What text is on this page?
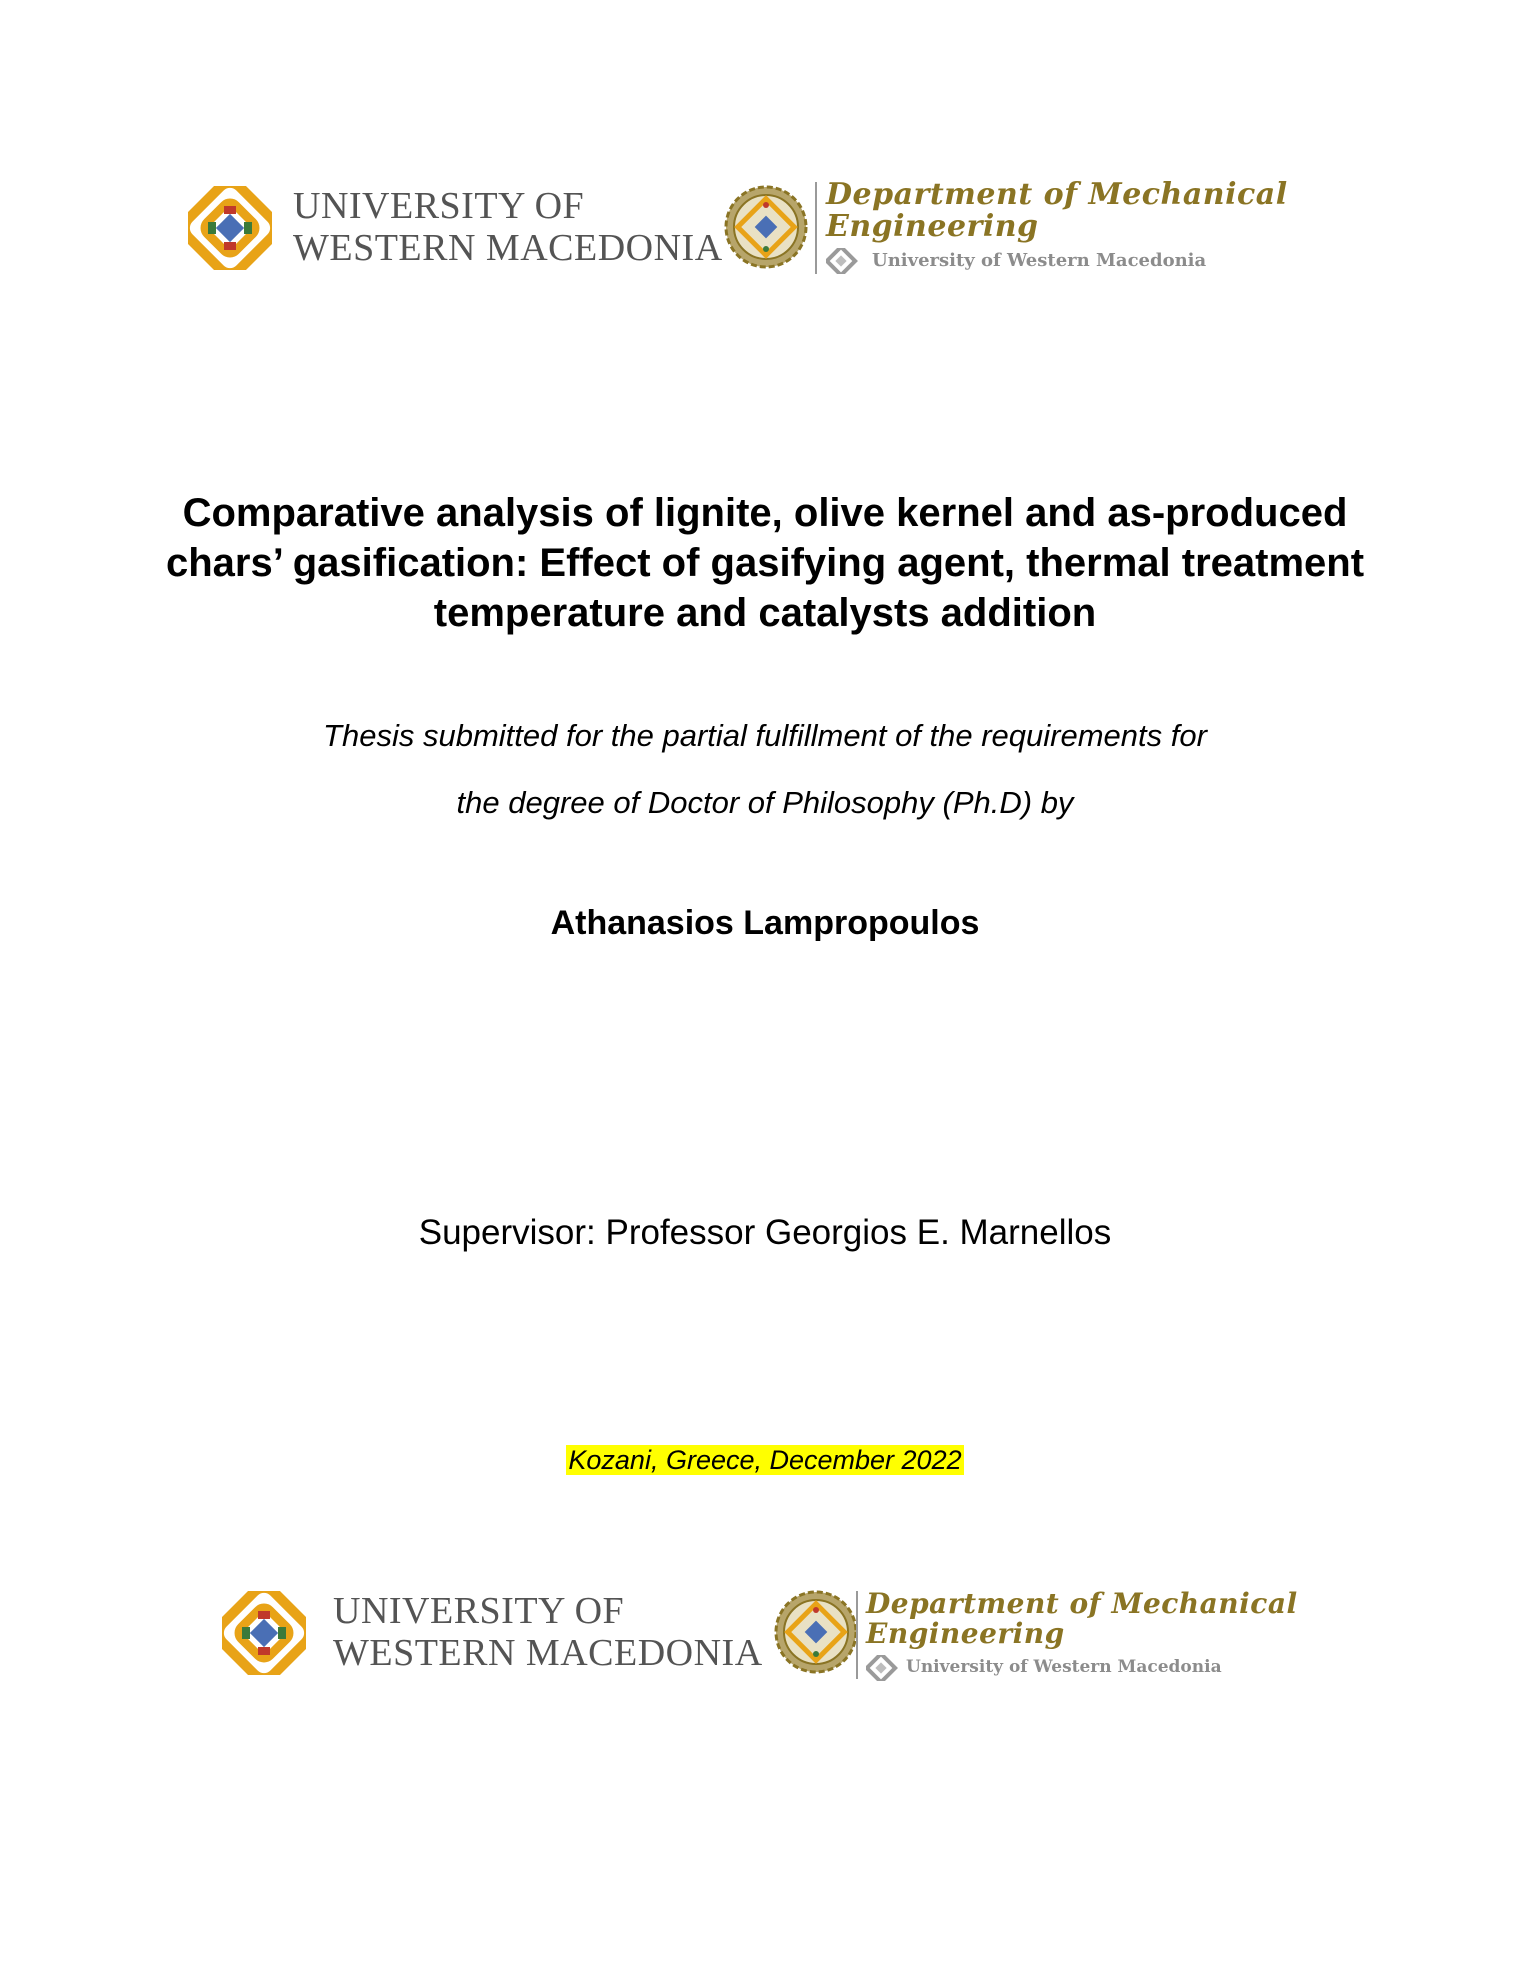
UNIVERSITY OF
WESTERN MACEDONIA
Department of Mechanical
Engineering
University of Western Macedonia
Comparative analysis of lignite, olive kernel and as-produced chars’ gasification: Effect of gasifying agent, thermal treatment temperature and catalysts addition
Thesis submitted for the partial fulfillment of the requirements for
the degree of Doctor of Philosophy (Ph.D) by
Athanasios Lampropoulos
Supervisor: Professor Georgios E. Marnellos
Kozani, Greece, December 2022
UNIVERSITY OF
WESTERN MACEDONIA
Department of Mechanical
Engineering
University of Western Macedonia
